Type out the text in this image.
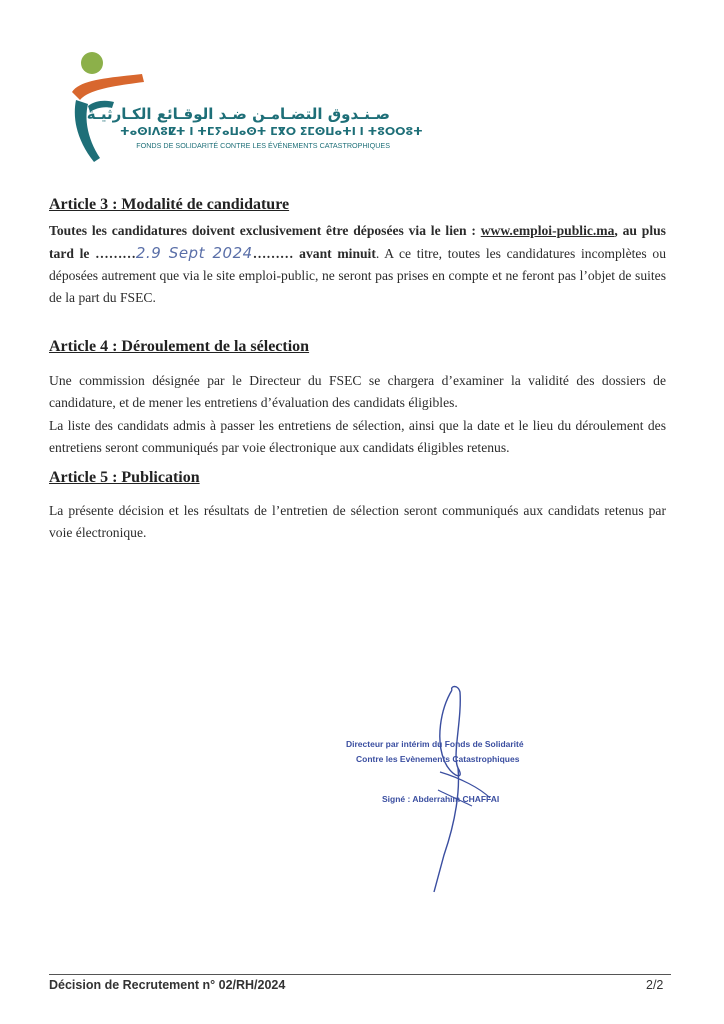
صـنـدوق التضـامـن ضـد الوقـائع الكـارثيـة
ⵜⴰⵙⵏⴷⵓⵇⵜ ⵏ ⵜⵎⵢⴰⵡⴰⵙⵜ ⵎⴳⵔ ⵉⵎⵙⵡⴰⵜⵏ ⵏ ⵜⵓⵔⵔⵓⵜ
FONDS DE SOLIDARITÉ CONTRE LES ÉVÉNEMENTS CATASTROPHIQUES
Article 3 : Modalité de candidature

Toutes les candidatures doivent exclusivement être déposées via le lien : www.emploi-public.ma, au plus tard le ………2.9 Sept 2024……… avant minuit. A ce titre, toutes les candidatures incomplètes ou déposées autrement que via le site emploi-public, ne seront pas prises en compte et ne feront pas l’objet de suites de la part du FSEC.

Article 4 : Déroulement de la sélection

Une commission désignée par le Directeur du FSEC se chargera d’examiner la validité des dossiers de candidature, et de mener les entretiens d’évaluation des candidats éligibles.

La liste des candidats admis à passer les entretiens de sélection, ainsi que la date et le lieu du déroulement des entretiens seront communiqués par voie électronique aux candidats éligibles retenus.

Article 5 : Publication

La présente décision et les résultats de l’entretien de sélection seront communiqués aux candidats retenus par voie électronique.

Directeur par intérim du Fonds de Solidarité

Contre les Evènements Catastrophiques

Signé : Abderrahim CHAFFAI

Décision de Recrutement n° 02/RH/2024	2/2
